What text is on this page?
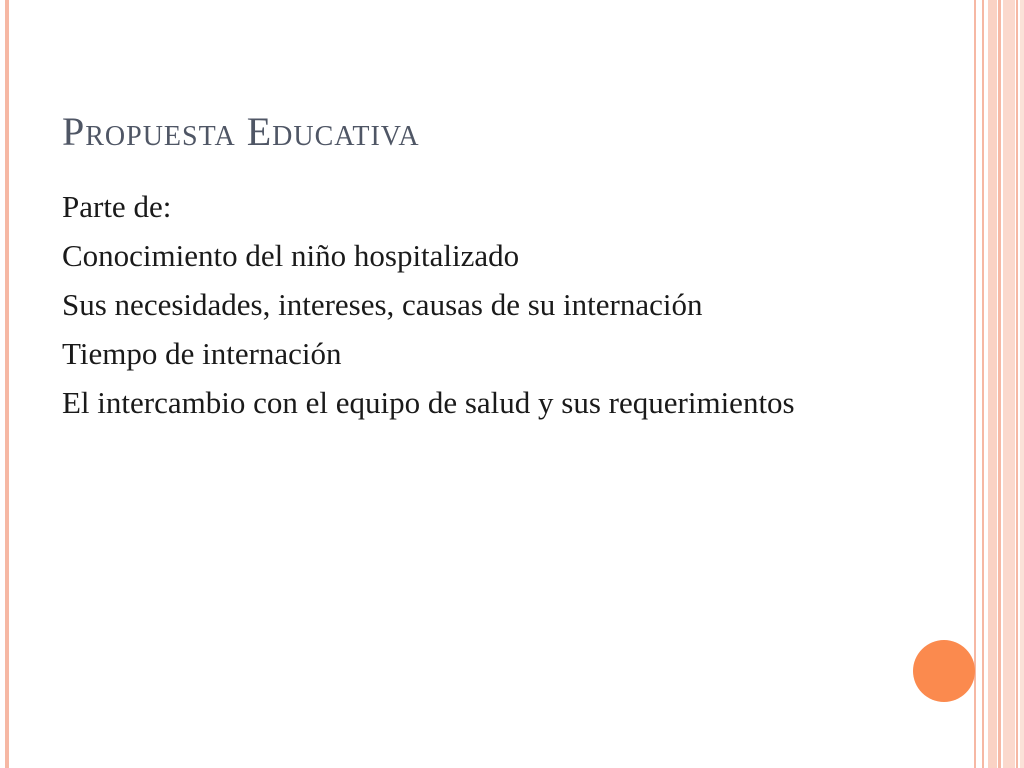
Propuesta Educativa

Parte de:

Conocimiento del niño hospitalizado

Sus necesidades, intereses, causas de su internación

Tiempo de internación

El intercambio con el equipo de salud y sus requerimientos
